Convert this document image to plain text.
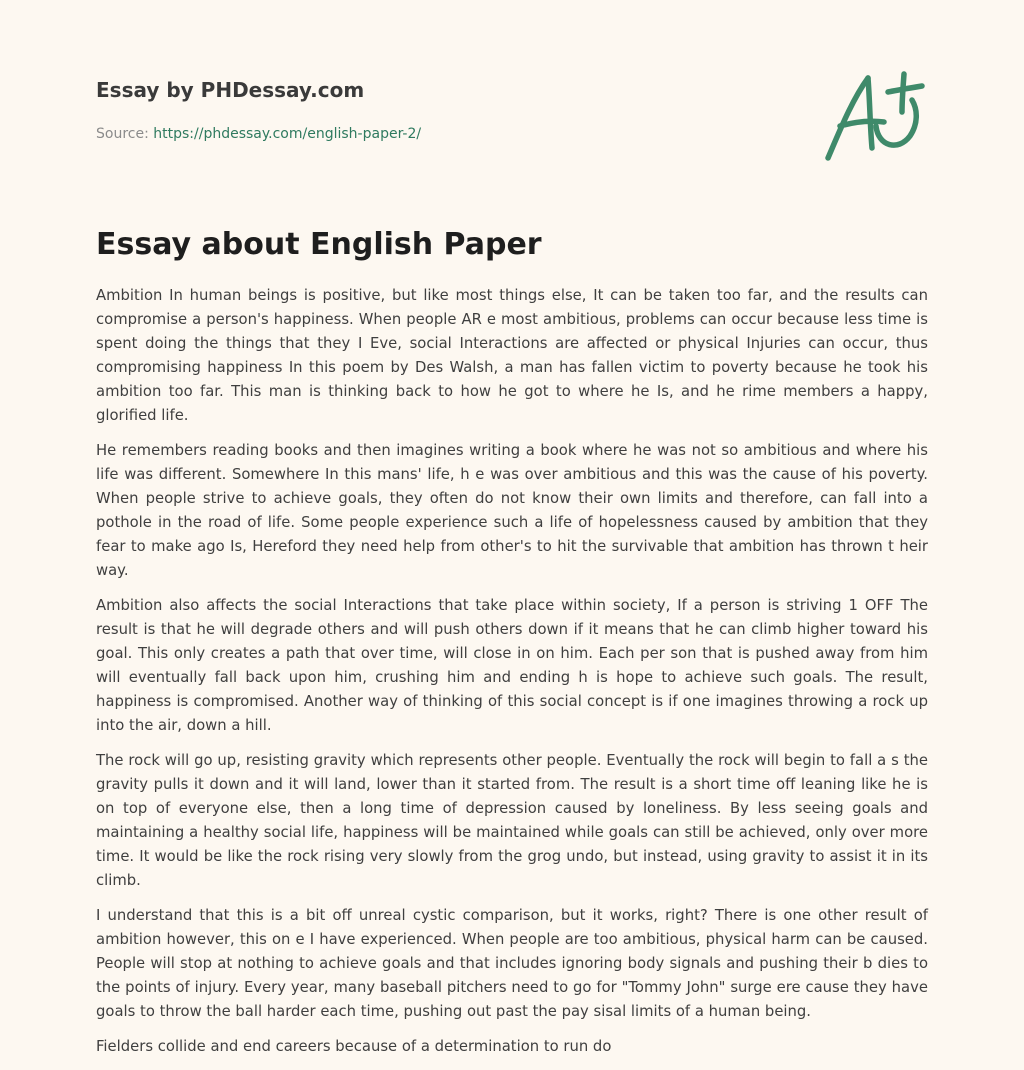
Essay by PHDessay.com
Source: https://phdessay.com/english-paper-2/
Essay about English Paper

Ambition In human beings is positive, but like most things else, It can be taken too far, and the results can compromise a person's happiness. When people AR e most ambitious, problems can occur because less time is spent doing the things that they I Eve, social Interactions are affected or physical Injuries can occur, thus compromising happiness In this poem by Des Walsh, a man has fallen victim to poverty because he took his ambition too far. This man is thinking back to how he got to where he Is, and he rime members a happy, glorified life.

He remembers reading books and then imagines writing a book where he was not so ambitious and where his life was different. Somewhere In this mans' life, h e was over ambitious and this was the cause of his poverty. When people strive to achieve goals, they often do not know their own limits and therefore, can fall into a pothole in the road of life. Some people experience such a life of hopelessness caused by ambition that they fear to make ago Is, Hereford they need help from other's to hit the survivable that ambition has thrown t heir way.

Ambition also affects the social Interactions that take place within society, If a person is striving 1 OFF The result is that he will degrade others and will push others down if it means that he can climb higher toward his goal. This only creates a path that over time, will close in on him. Each per son that is pushed away from him will eventually fall back upon him, crushing him and ending h is hope to achieve such goals. The result, happiness is compromised. Another way of thinking of this social concept is if one imagines throwing a rock up into the air, down a hill.

The rock will go up, resisting gravity which represents other people. Eventually the rock will begin to fall a s the gravity pulls it down and it will land, lower than it started from. The result is a short time off leaning like he is on top of everyone else, then a long time of depression caused by loneliness. By less seeing goals and maintaining a healthy social life, happiness will be maintained while goals can still be achieved, only over more time. It would be like the rock rising very slowly from the grog undo, but instead, using gravity to assist it in its climb.

I understand that this is a bit off unreal cystic comparison, but it works, right? There is one other result of ambition however, this on e I have experienced. When people are too ambitious, physical harm can be caused. People will stop at nothing to achieve goals and that includes ignoring body signals and pushing their b dies to the points of injury. Every year, many baseball pitchers need to go for "Tommy John" surge ere cause they have goals to throw the ball harder each time, pushing out past the pay sisal limits of a human being.

Fielders collide and end careers because of a determination to run do
